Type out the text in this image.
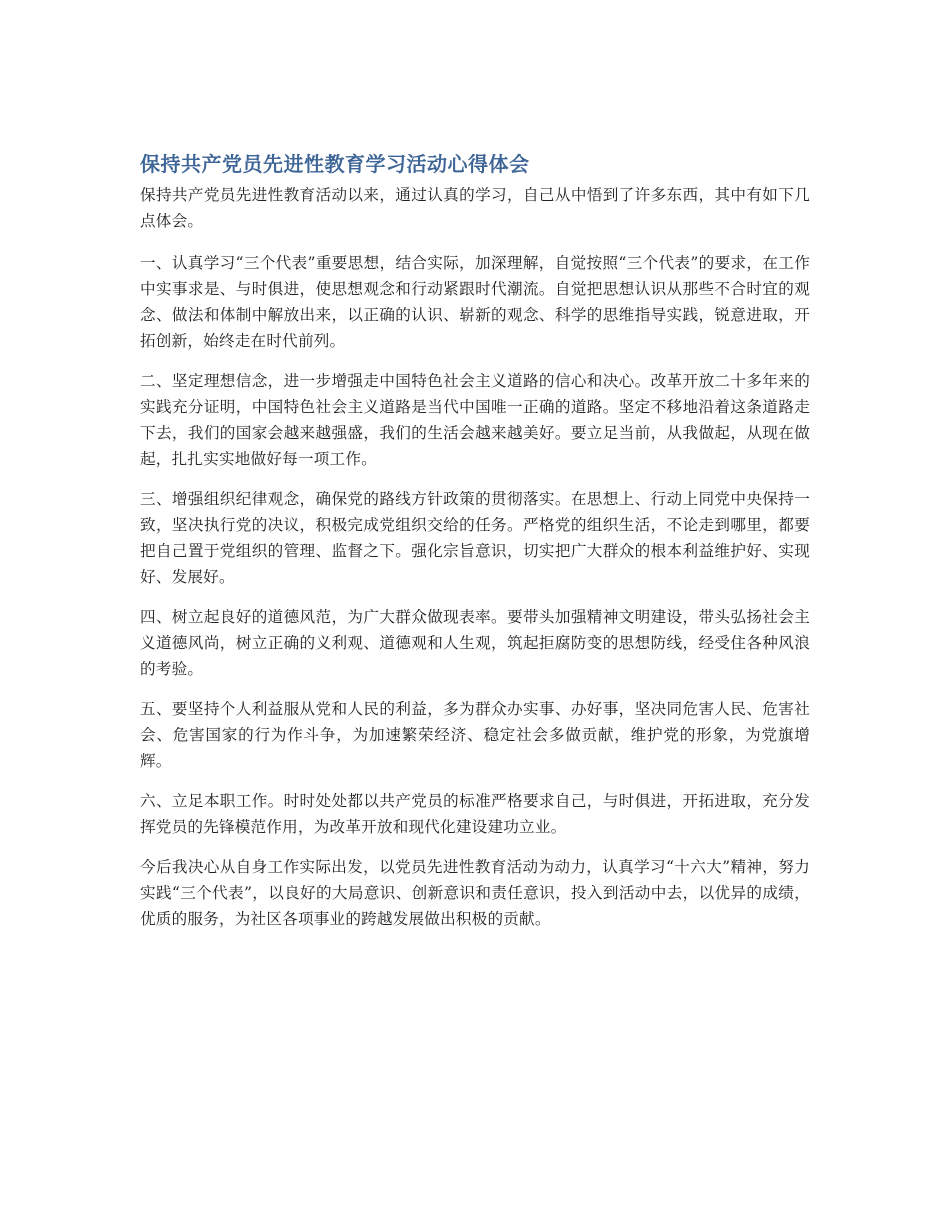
保持共产党员先进性教育学习活动心得体会

保持共产党员先进性教育活动以来，通过认真的学习，自己从中悟到了许多东西，其中有如下几点体会。

一、认真学习“三个代表”重要思想，结合实际，加深理解，自觉按照“三个代表”的要求，在工作中实事求是、与时俱进，使思想观念和行动紧跟时代潮流。自觉把思想认识从那些不合时宜的观念、做法和体制中解放出来，以正确的认识、崭新的观念、科学的思维指导实践，锐意进取，开拓创新，始终走在时代前列。

二、坚定理想信念，进一步增强走中国特色社会主义道路的信心和决心。改革开放二十多年来的实践充分证明，中国特色社会主义道路是当代中国唯一正确的道路。坚定不移地沿着这条道路走下去，我们的国家会越来越强盛，我们的生活会越来越美好。要立足当前，从我做起，从现在做起，扎扎实实地做好每一项工作。

三、增强组织纪律观念，确保党的路线方针政策的贯彻落实。在思想上、行动上同党中央保持一致，坚决执行党的决议，积极完成党组织交给的任务。严格党的组织生活，不论走到哪里，都要把自己置于党组织的管理、监督之下。强化宗旨意识，切实把广大群众的根本利益维护好、实现好、发展好。

四、树立起良好的道德风范，为广大群众做现表率。要带头加强精神文明建设，带头弘扬社会主义道德风尚，树立正确的义利观、道德观和人生观，筑起拒腐防变的思想防线，经受住各种风浪的考验。

五、要坚持个人利益服从党和人民的利益，多为群众办实事、办好事，坚决同危害人民、危害社会、危害国家的行为作斗争，为加速繁荣经济、稳定社会多做贡献，维护党的形象，为党旗增辉。

六、立足本职工作。时时处处都以共产党员的标准严格要求自己，与时俱进，开拓进取，充分发挥党员的先锋模范作用，为改革开放和现代化建设建功立业。

今后我决心从自身工作实际出发，以党员先进性教育活动为动力，认真学习“十六大”精神，努力实践“三个代表”，以良好的大局意识、创新意识和责任意识，投入到活动中去，以优异的成绩，优质的服务，为社区各项事业的跨越发展做出积极的贡献。
